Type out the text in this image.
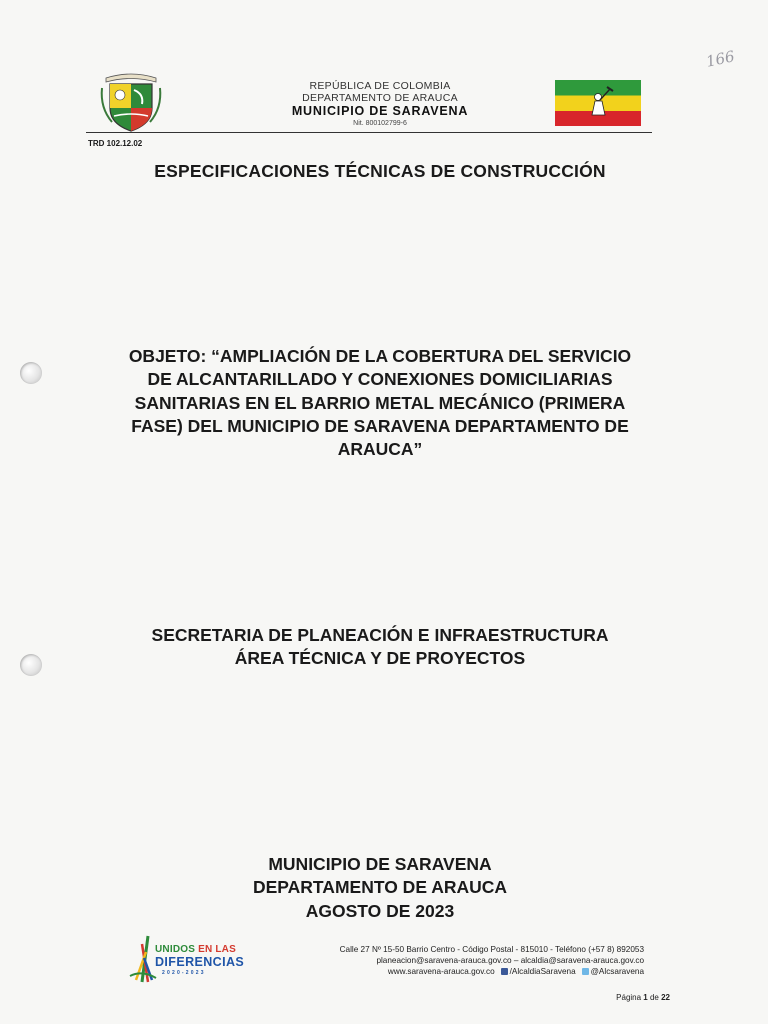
166
REPÚBLICA DE COLOMBIA
DEPARTAMENTO DE ARAUCA
MUNICIPIO DE SARAVENA
Nit. 800102799-6
TRD 102.12.02
ESPECIFICACIONES TÉCNICAS DE CONSTRUCCIÓN
OBJETO: “AMPLIACIÓN DE LA COBERTURA DEL SERVICIO
DE ALCANTARILLADO Y CONEXIONES DOMICILIARIAS
SANITARIAS EN EL BARRIO METAL MECÁNICO (PRIMERA
FASE) DEL MUNICIPIO DE SARAVENA DEPARTAMENTO DE
ARAUCA”
SECRETARIA DE PLANEACIÓN E INFRAESTRUCTURA
ÁREA TÉCNICA Y DE PROYECTOS
MUNICIPIO DE SARAVENA
DEPARTAMENTO DE ARAUCA
AGOSTO DE 2023
UNIDOS EN LAS
DIFERENCIAS
2020-2023
Calle 27 Nº 15-50 Barrio Centro - Código Postal - 815010 - Teléfono (+57 8) 892053
planeacion@saravena-arauca.gov.co – alcaldia@saravena-arauca.gov.co
www.saravena-arauca.gov.co /AlcaldiaSaravena @Alcsaravena
Página 1 de 22
